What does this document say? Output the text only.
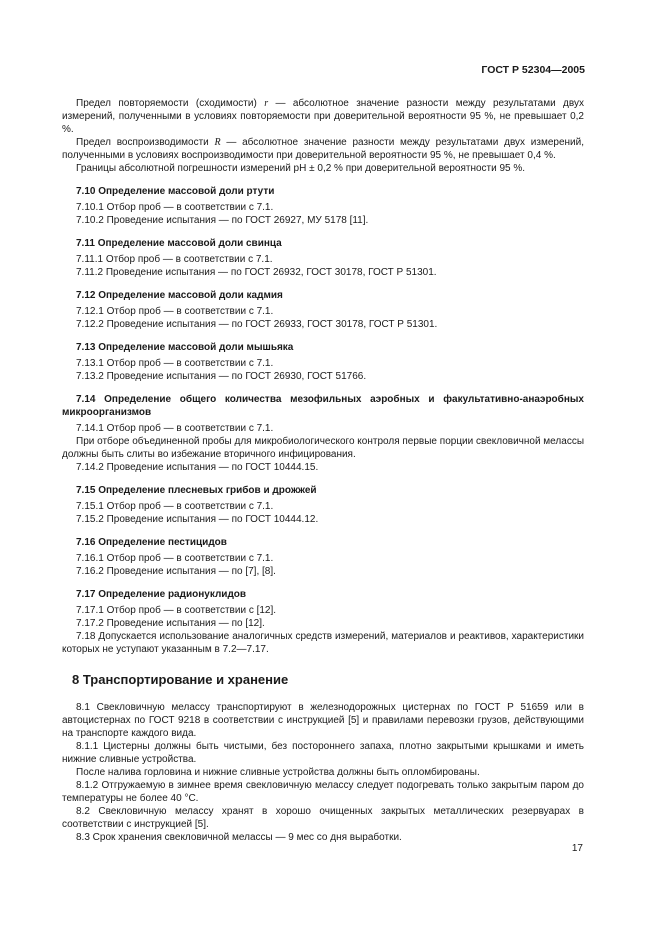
ГОСТ Р 52304—2005

Предел повторяемости (сходимости) r — абсолютное значение разности между результатами двух измерений, полученными в условиях повторяемости при доверительной вероятности 95 %, не превышает 0,2 %.

Предел воспроизводимости R — абсолютное значение разности между результатами двух измерений, полученными в условиях воспроизводимости при доверительной вероятности 95 %, не превышает 0,4 %.

Границы абсолютной погрешности измерений pH ± 0,2 % при доверительной вероятности 95 %.

7.10 Определение массовой доли ртути

7.10.1 Отбор проб — в соответствии с 7.1.

7.10.2 Проведение испытания — по ГОСТ 26927, МУ 5178 [11].

7.11 Определение массовой доли свинца

7.11.1 Отбор проб — в соответствии с 7.1.

7.11.2 Проведение испытания — по ГОСТ 26932, ГОСТ 30178, ГОСТ Р 51301.

7.12 Определение массовой доли кадмия

7.12.1 Отбор проб — в соответствии с 7.1.

7.12.2 Проведение испытания — по ГОСТ 26933, ГОСТ 30178, ГОСТ Р 51301.

7.13 Определение массовой доли мышьяка

7.13.1 Отбор проб — в соответствии с 7.1.

7.13.2 Проведение испытания — по ГОСТ 26930, ГОСТ 51766.

7.14 Определение общего количества мезофильных аэробных и факультативно-анаэробных микроорганизмов

7.14.1 Отбор проб — в соответствии с 7.1.

При отборе объединенной пробы для микробиологического контроля первые порции свекловичной мелассы должны быть слиты во избежание вторичного инфицирования.

7.14.2 Проведение испытания — по ГОСТ 10444.15.

7.15 Определение плесневых грибов и дрожжей

7.15.1 Отбор проб — в соответствии с 7.1.

7.15.2 Проведение испытания — по ГОСТ 10444.12.

7.16 Определение пестицидов

7.16.1 Отбор проб — в соответствии с 7.1.

7.16.2 Проведение испытания — по [7], [8].

7.17 Определение радионуклидов

7.17.1 Отбор проб — в соответствии с [12].

7.17.2 Проведение испытания — по [12].

7.18 Допускается использование аналогичных средств измерений, материалов и реактивов, характеристики которых не уступают указанным в 7.2—7.17.

8 Транспортирование и хранение

8.1 Свекловичную мелассу транспортируют в железнодорожных цистернах по ГОСТ Р 51659 или в автоцистернах по ГОСТ 9218 в соответствии с инструкцией [5] и правилами перевозки грузов, действующими на транспорте каждого вида.

8.1.1 Цистерны должны быть чистыми, без постороннего запаха, плотно закрытыми крышками и иметь нижние сливные устройства.

После налива горловина и нижние сливные устройства должны быть опломбированы.

8.1.2 Отгружаемую в зимнее время свекловичную мелассу следует подогревать только закрытым паром до температуры не более 40 °С.

8.2 Свекловичную мелассу хранят в хорошо очищенных закрытых металлических резервуарах в соответствии с инструкцией [5].

8.3 Срок хранения свекловичной мелассы — 9 мес со дня выработки.

17
